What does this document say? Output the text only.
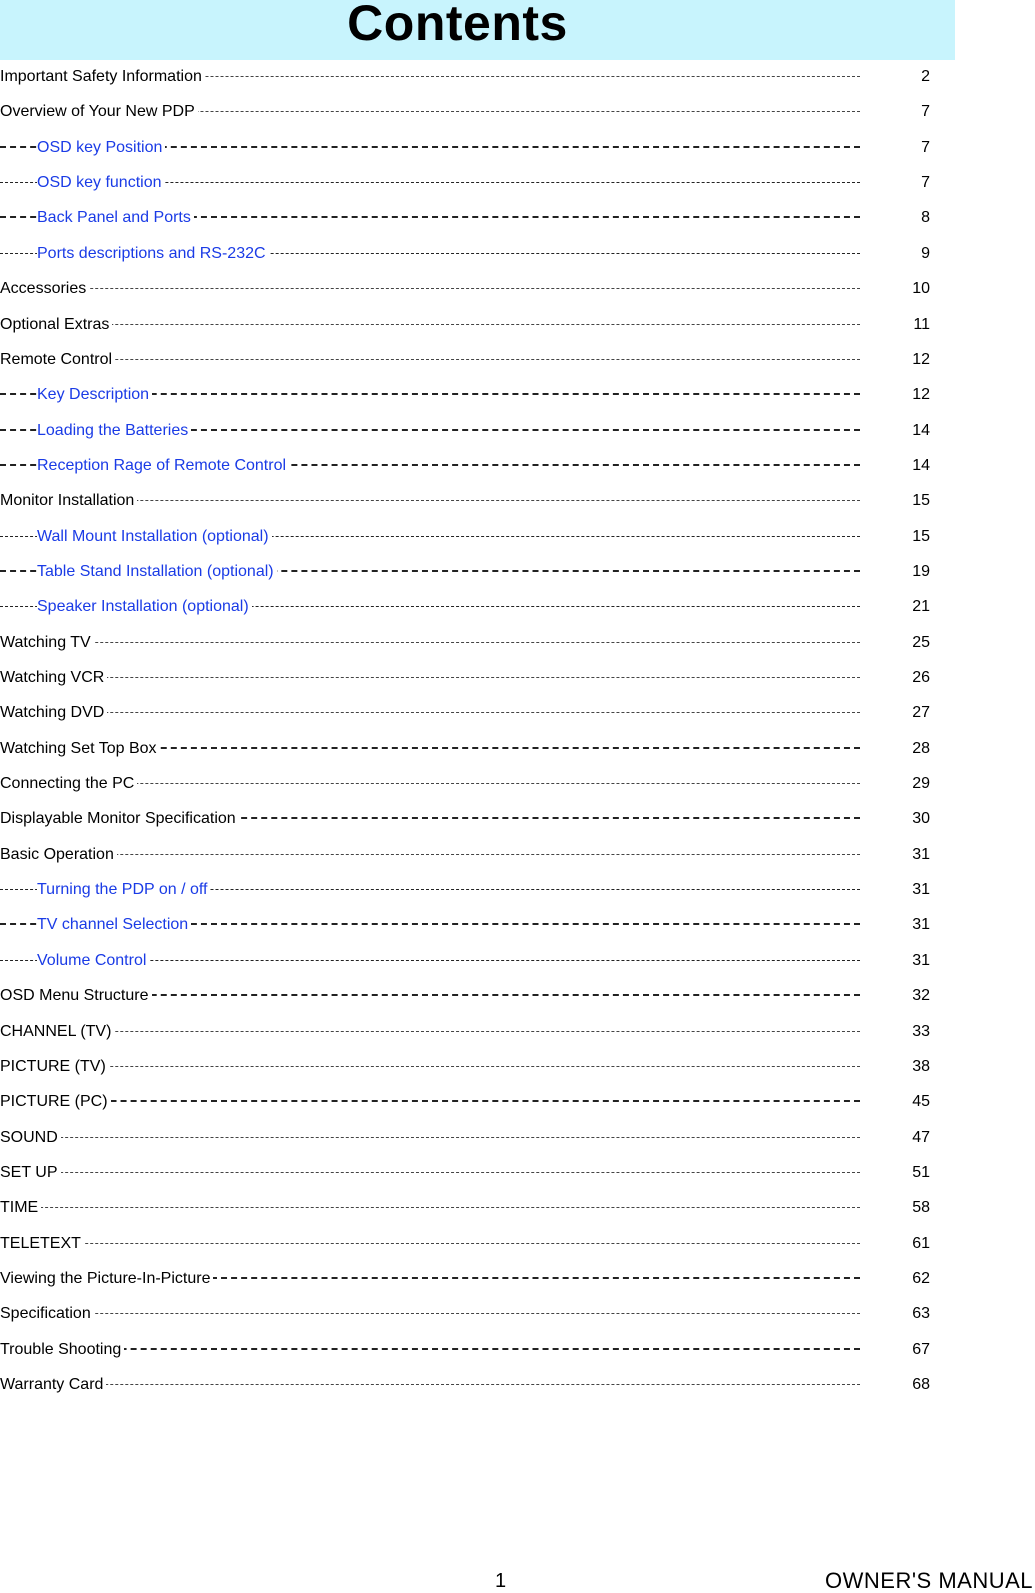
Contents
Important Safety Information	2
Overview of Your New PDP	7
OSD key Position	7
OSD key function	7
Back Panel and Ports	8
Ports descriptions and RS-232C	9
Accessories	10
Optional Extras	11
Remote Control	12
Key Description	12
Loading the Batteries	14
Reception Rage of Remote Control	14
Monitor Installation	15
Wall Mount Installation (optional)	15
Table Stand Installation (optional)	19
Speaker Installation (optional)	21
Watching TV	25
Watching VCR	26
Watching DVD	27
Watching Set Top Box	28
Connecting the PC	29
Displayable Monitor Specification	30
Basic Operation	31
Turning the PDP on / off	31
TV channel Selection	31
Volume Control	31
OSD Menu Structure	32
CHANNEL (TV)	33
PICTURE (TV)	38
PICTURE (PC)	45
SOUND	47
SET UP	51
TIME	58
TELETEXT	61
Viewing the Picture-In-Picture	62
Specification	63
Trouble Shooting	67
Warranty Card	68
1	OWNER'S MANUAL
